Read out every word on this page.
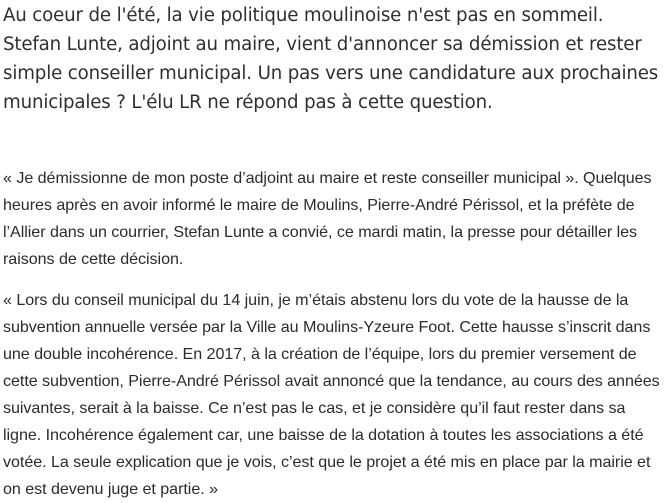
Au coeur de l'été, la vie politique moulinoise n'est pas en sommeil. Stefan Lunte, adjoint au maire, vient d'annoncer sa démission et rester simple conseiller municipal. Un pas vers une candidature aux prochaines municipales ? L'élu LR ne répond pas à cette question.

« Je démissionne de mon poste d’adjoint au maire et reste conseiller municipal ». Quelques heures après en avoir informé le maire de Moulins, Pierre-André Périssol, et la préfète de l’Allier dans un courrier, Stefan Lunte a convié, ce mardi matin, la presse pour détailler les raisons de cette décision.

« Lors du conseil municipal du 14 juin, je m’étais abstenu lors du vote de la hausse de la subvention annuelle versée par la Ville au Moulins-Yzeure Foot. Cette hausse s’inscrit dans une double incohérence. En 2017, à la création de l’équipe, lors du premier versement de cette subvention, Pierre-André Périssol avait annoncé que la tendance, au cours des années suivantes, serait à la baisse. Ce n’est pas le cas, et je considère qu’il faut rester dans sa ligne. Incohérence également car, une baisse de la dotation à toutes les associations a été votée. La seule explication que je vois, c’est que le projet a été mis en place par la mairie et on est devenu juge et partie. »
